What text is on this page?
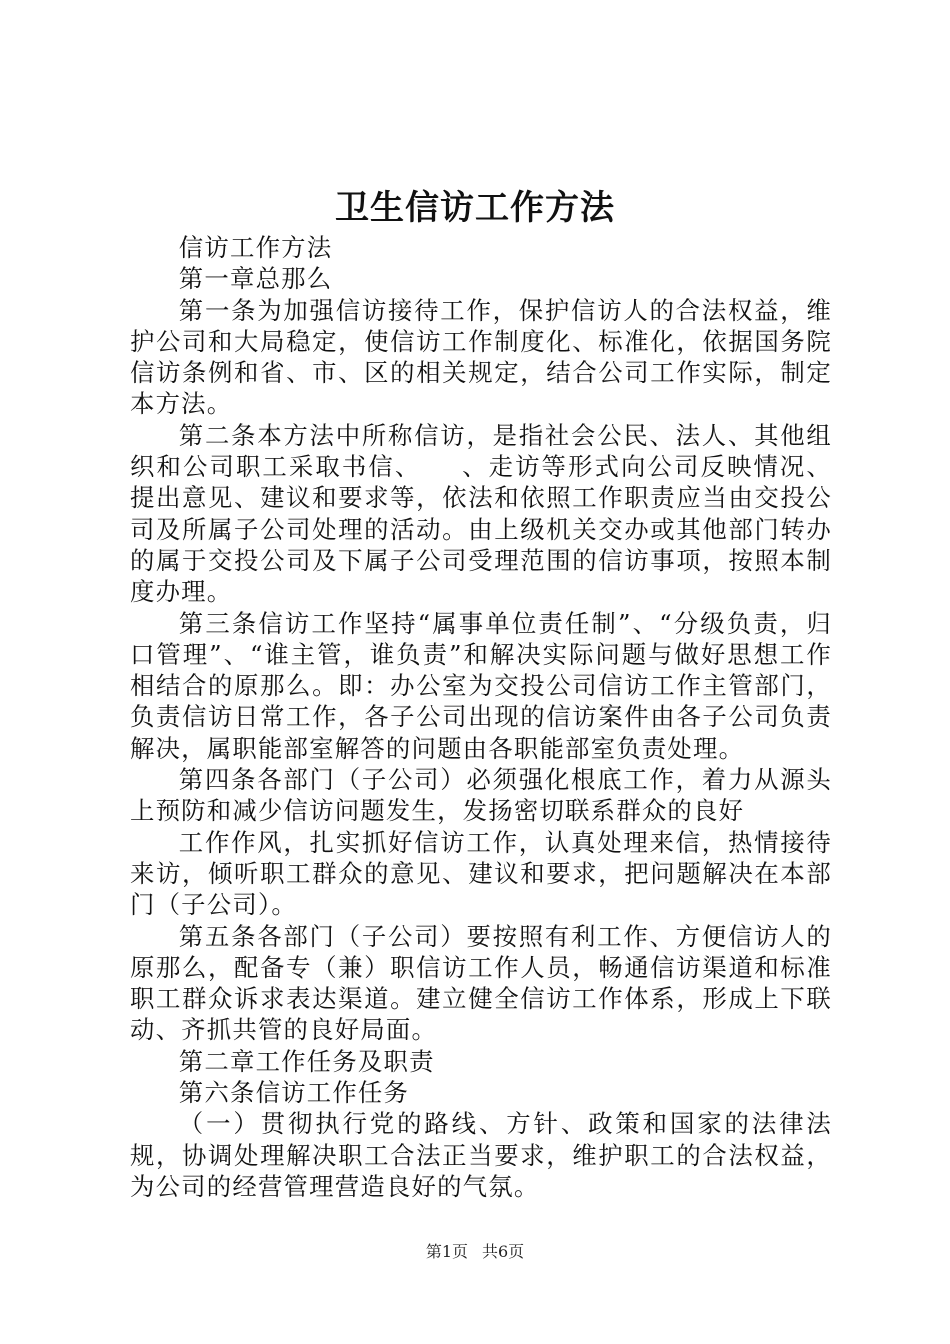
卫生信访工作方法

信访工作方法

第一章总那么

第一条为加强信访接待工作，保护信访人的合法权益，维护公司和大局稳定，使信访工作制度化、标准化，依据国务院信访条例和省、市、区的相关规定，结合公司工作实际，制定本方法。

第二条本方法中所称信访，是指社会公民、法人、其他组织和公司职工采取书信、　　、走访等形式向公司反映情况、提出意见、建议和要求等，依法和依照工作职责应当由交投公司及所属子公司处理的活动。由上级机关交办或其他部门转办的属于交投公司及下属子公司受理范围的信访事项，按照本制度办理。

第三条信访工作坚持“属事单位责任制”、“分级负责，归口管理”、“谁主管，谁负责”和解决实际问题与做好思想工作相结合的原那么。即：办公室为交投公司信访工作主管部门，负责信访日常工作，各子公司出现的信访案件由各子公司负责解决，属职能部室解答的问题由各职能部室负责处理。

第四条各部门（子公司）必须强化根底工作，着力从源头上预防和减少信访问题发生，发扬密切联系群众的良好

工作作风，扎实抓好信访工作，认真处理来信，热情接待来访，倾听职工群众的意见、建议和要求，把问题解决在本部门（子公司）。

第五条各部门（子公司）要按照有利工作、方便信访人的原那么，配备专（兼）职信访工作人员，畅通信访渠道和标准职工群众诉求表达渠道。建立健全信访工作体系，形成上下联动、齐抓共管的良好局面。

第二章工作任务及职责

第六条信访工作任务

（一）贯彻执行党的路线、方针、政策和国家的法律法规，协调处理解决职工合法正当要求，维护职工的合法权益，为公司的经营管理营造良好的气氛。

第1页 共6页
